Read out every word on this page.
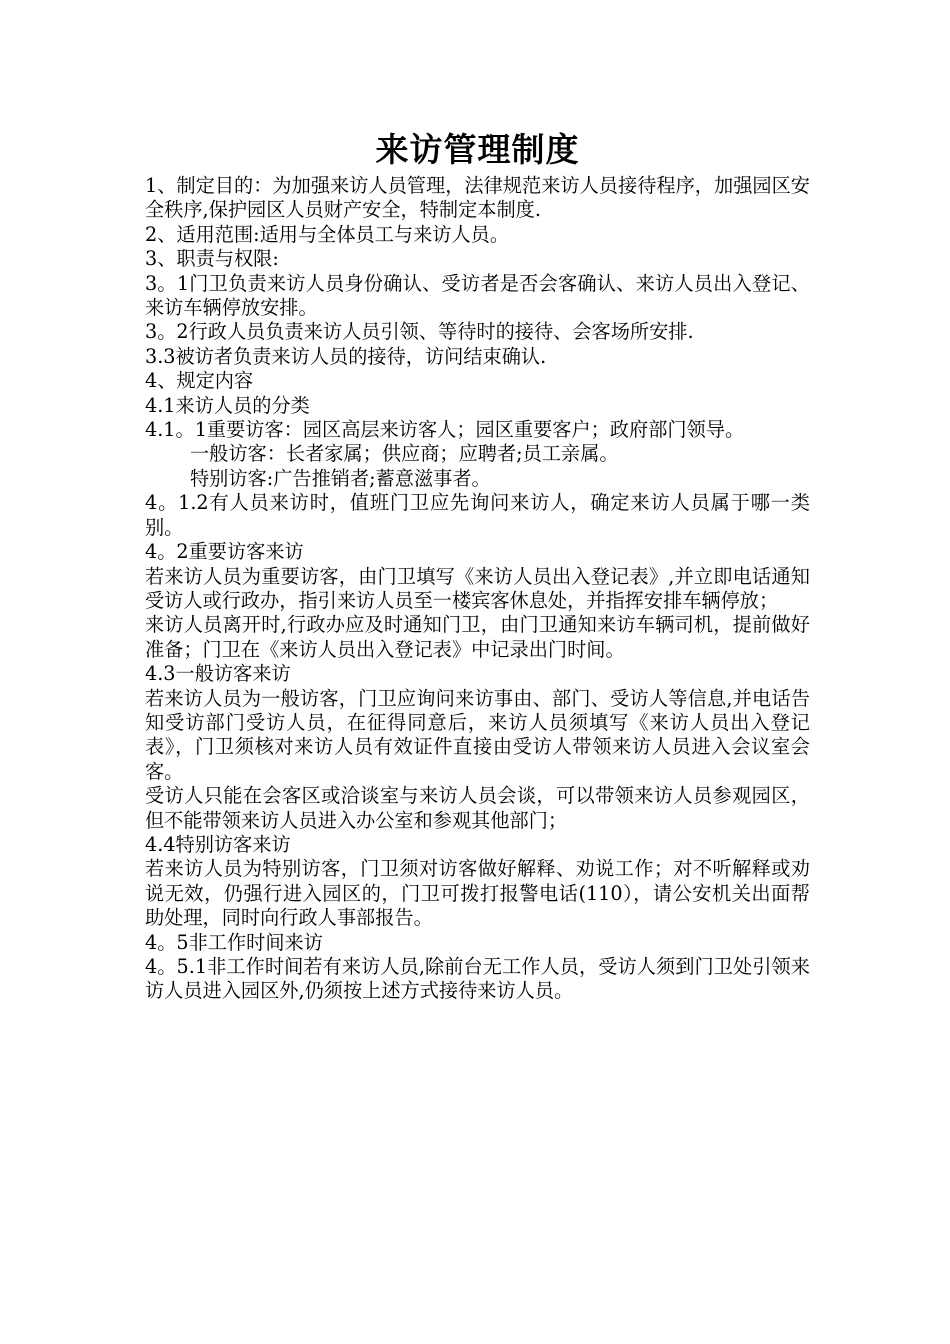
来访管理制度

1、制定目的：为加强来访人员管理，法律规范来访人员接待程序，加强园区安全秩序,保护园区人员财产安全，特制定本制度.

2、适用范围:适用与全体员工与来访人员。

3、职责与权限:

3。1门卫负责来访人员身份确认、受访者是否会客确认、来访人员出入登记、来访车辆停放安排。

3。2行政人员负责来访人员引领、等待时的接待、会客场所安排.

3.3被访者负责来访人员的接待，访问结束确认.

4、规定内容

4.1来访人员的分类

4.1。1重要访客：园区高层来访客人；园区重要客户；政府部门领导。

一般访客：长者家属；供应商；应聘者;员工亲属。

特别访客:广告推销者;蓄意滋事者。

4。1.2有人员来访时，值班门卫应先询问来访人，确定来访人员属于哪一类别。

4。2重要访客来访

若来访人员为重要访客，由门卫填写《来访人员出入登记表》,并立即电话通知受访人或行政办，指引来访人员至一楼宾客休息处，并指挥安排车辆停放；

来访人员离开时,行政办应及时通知门卫，由门卫通知来访车辆司机，提前做好准备；门卫在《来访人员出入登记表》中记录出门时间。

4.3一般访客来访

若来访人员为一般访客，门卫应询问来访事由、部门、受访人等信息,并电话告知受访部门受访人员，在征得同意后，来访人员须填写《来访人员出入登记表》，门卫须核对来访人员有效证件直接由受访人带领来访人员进入会议室会客。

受访人只能在会客区或洽谈室与来访人员会谈，可以带领来访人员参观园区，但不能带领来访人员进入办公室和参观其他部门；

4.4特别访客来访

若来访人员为特别访客，门卫须对访客做好解释、劝说工作；对不听解释或劝说无效，仍强行进入园区的，门卫可拨打报警电话(110），请公安机关出面帮助处理，同时向行政人事部报告。

4。5非工作时间来访

4。5.1非工作时间若有来访人员,除前台无工作人员，受访人须到门卫处引领来访人员进入园区外,仍须按上述方式接待来访人员。
